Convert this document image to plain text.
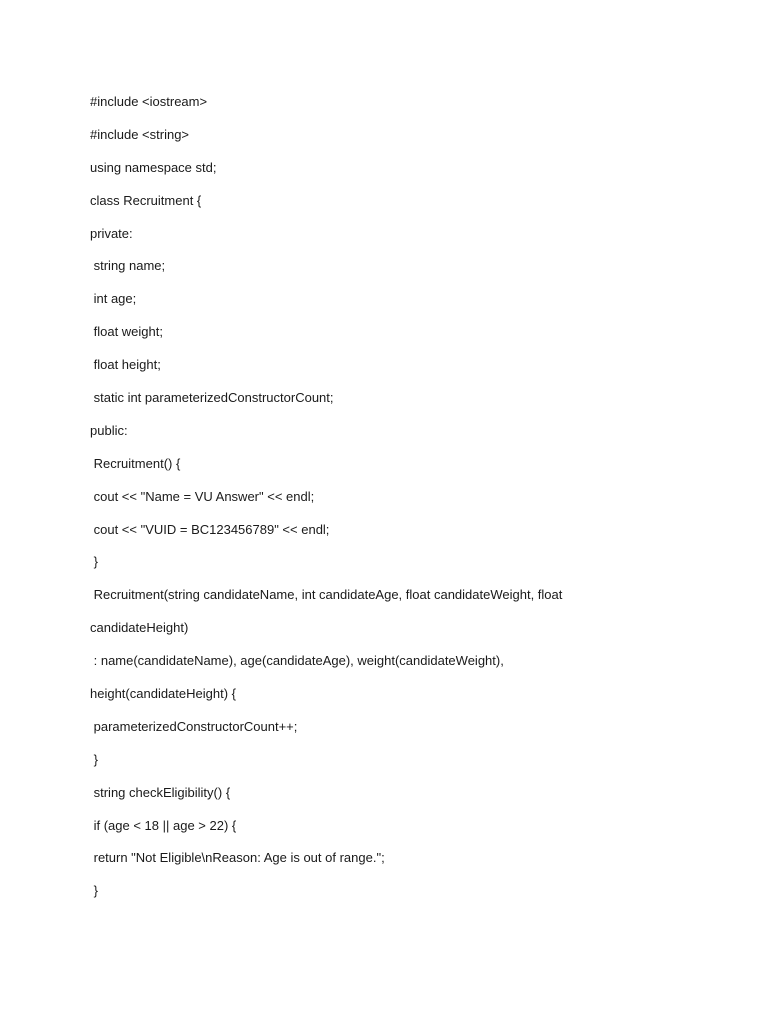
#include <iostream>
#include <string>
using namespace std;
class Recruitment {
private:
string name;
int age;
float weight;
float height;
static int parameterizedConstructorCount;
public:
Recruitment() {
cout << "Name = VU Answer" << endl;
cout << "VUID = BC123456789" << endl;
}
Recruitment(string candidateName, int candidateAge, float candidateWeight, float
candidateHeight)
: name(candidateName), age(candidateAge), weight(candidateWeight),
height(candidateHeight) {
parameterizedConstructorCount++;
}
string checkEligibility() {
if (age < 18 || age > 22) {
return "Not Eligible\nReason: Age is out of range.";
}
